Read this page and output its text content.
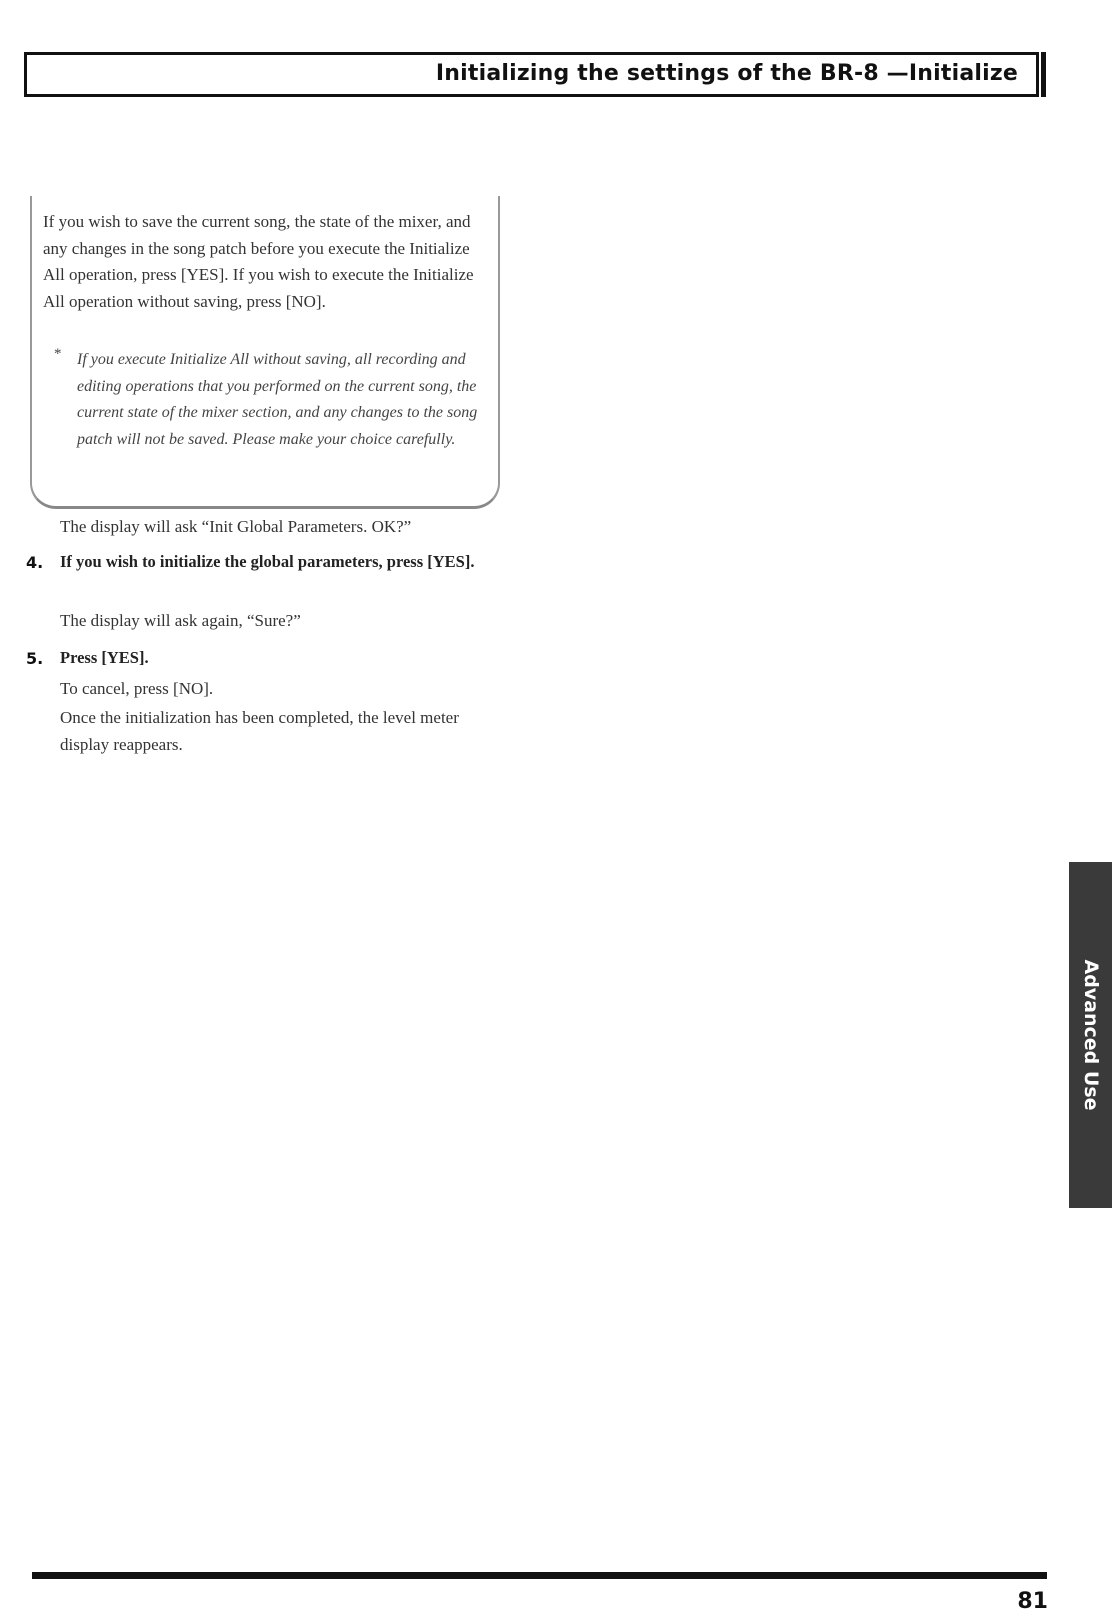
Initializing the settings of the BR-8 —Initialize
If you wish to save the current song, the state of the mixer, and any changes in the song patch before you execute the Initialize All operation, press [YES]. If you wish to execute the Initialize All operation without saving, press [NO].
* If you execute Initialize All without saving, all recording and editing operations that you performed on the current song, the current state of the mixer section, and any changes to the song patch will not be saved. Please make your choice carefully.
The display will ask “Init Global Parameters. OK?”
4. If you wish to initialize the global parameters, press [YES].
The display will ask again, “Sure?”
5. Press [YES].
To cancel, press [NO].
Once the initialization has been completed, the level meter display reappears.
Advanced Use
81
